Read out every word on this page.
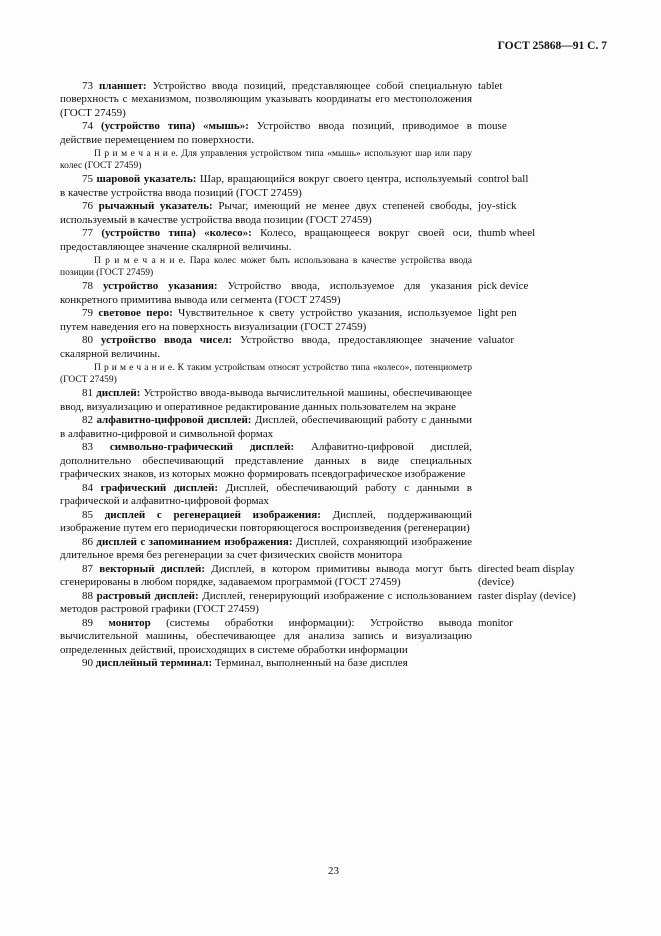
ГОСТ 25868—91 С. 7

73 планшет: Устройство ввода позиций, представляющее собой специальную поверхность с механизмом, позволяющим указывать координаты его местоположения (ГОСТ 27459)

tablet

74 (устройство типа) «мышь»: Устройство ввода позиций, приводимое в действие перемещением по поверхности.

П р и м е ч а н и е. Для управления устройством типа «мышь» используют шар или пару колес (ГОСТ 27459)

mouse

75 шаровой указатель: Шар, вращающийся вокруг своего центра, используемый в качестве устройства ввода позиций (ГОСТ 27459)

control ball

76 рычажный указатель: Рычаг, имеющий не менее двух степеней свободы, используемый в качестве устройства ввода позиции (ГОСТ 27459)

joy-stick

77 (устройство типа) «колесо»: Колесо, вращающееся вокруг своей оси, предоставляющее значение скалярной величины.

П р и м е ч а н и е. Пара колес может быть использована в качестве устройства ввода позиции (ГОСТ 27459)

thumb wheel

78 устройство указания: Устройство ввода, используемое для указания конкретного примитива вывода или сегмента (ГОСТ 27459)

pick device

79 световое перо: Чувствительное к свету устройство указания, используемое путем наведения его на поверхность визуализации (ГОСТ 27459)

light pen

80 устройство ввода чисел: Устройство ввода, предоставляющее значение скалярной величины.

П р и м е ч а н и е. К таким устройствам относят устройство типа «колесо», потенциометр (ГОСТ 27459)

valuator

81 дисплей: Устройство ввода-вывода вычислительной машины, обеспечивающее ввод, визуализацию и оперативное редактирование данных пользователем на экране

82 алфавитно-цифровой дисплей: Дисплей, обеспечивающий работу с данными в алфавитно-цифровой и символьной формах

83 символьно-графический дисплей: Алфавитно-цифровой дисплей, дополнительно обеспечивающий представление данных в виде специальных графических знаков, из которых можно формировать псевдографическое изображение

84 графический дисплей: Дисплей, обеспечивающий работу с данными в графической и алфавитно-цифровой формах

85 дисплей с регенерацией изображения: Дисплей, поддерживающий изображение путем его периодически повторяющегося воспроизведения (регенерации)

86 дисплей с запоминанием изображения: Дисплей, сохраняющий изображение длительное время без регенерации за счет физических свойств монитора

87 векторный дисплей: Дисплей, в котором примитивы вывода могут быть сгенерированы в любом порядке, задаваемом программой (ГОСТ 27459)

directed beam display (device)

88 растровый дисплей: Дисплей, генерирующий изображение с использованием методов растровой графики (ГОСТ 27459)

raster display (device)

89 монитор (системы обработки информации): Устройство вывода вычислительной машины, обеспечивающее для анализа запись и визуализацию определенных действий, происходящих в системе обработки информации

monitor

90 дисплейный терминал: Терминал, выполненный на базе дисплея

23
